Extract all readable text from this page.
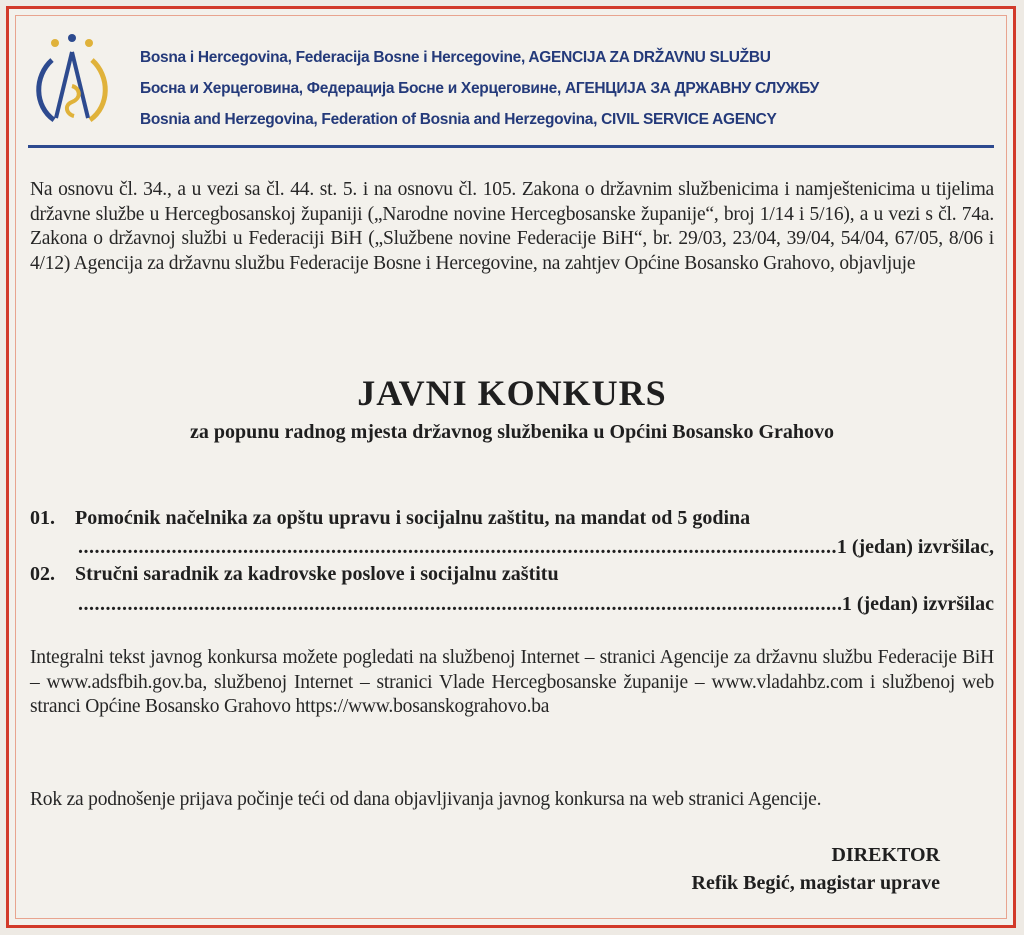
Bosna i Hercegovina, Federacija Bosne i Hercegovine, AGENCIJA ZA DRŽAVNU SLUŽBU
Босна и Херцеговина, Федерација Босне и Херцеговине, АГЕНЦИЈА ЗА ДРЖАВНУ СЛУЖБУ
Bosnia and Herzegovina, Federation of Bosnia and Herzegovina, CIVIL SERVICE AGENCY
Na osnovu čl. 34., a u vezi sa čl. 44. st. 5. i na osnovu čl. 105. Zakona o državnim službenicima i namještenicima u tijelima državne službe u Hercegbosanskoj županiji („Narodne novine Hercegbosanske županije“, broj 1/14 i 5/16), a u vezi s čl. 74a. Zakona o državnoj službi u Federaciji BiH („Službene novine Federacije BiH“, br. 29/03, 23/04, 39/04, 54/04, 67/05, 8/06 i 4/12) Agencija za državnu službu Federacije Bosne i Hercegovine, na zahtjev Općine Bosansko Grahovo, objavljuje
JAVNI KONKURS
za popunu radnog mjesta državnog službenika u Općini Bosansko Grahovo
01. Pomoćnik načelnika za opštu upravu i socijalnu zaštitu, na mandat od 5 godina
.....
1 (jedan) izvršilac,
02. Stručni saradnik za kadrovske poslove i socijalnu zaštitu
.....
1 (jedan) izvršilac
Integralni tekst javnog konkursa možete pogledati na službenoj Internet – stranici Agencije za državnu službu Federacije BiH – www.adsfbih.gov.ba, službenoj Internet – stranici Vlade Hercegbosanske županije – www.vladahbz.com i službenoj web stranci Općine Bosansko Grahovo https://www.bosanskograhovo.ba
Rok za podnošenje prijava počinje teći od dana objavljivanja javnog konkursa na web stranici Agencije.
DIREKTOR
Refik Begić, magistar uprave
